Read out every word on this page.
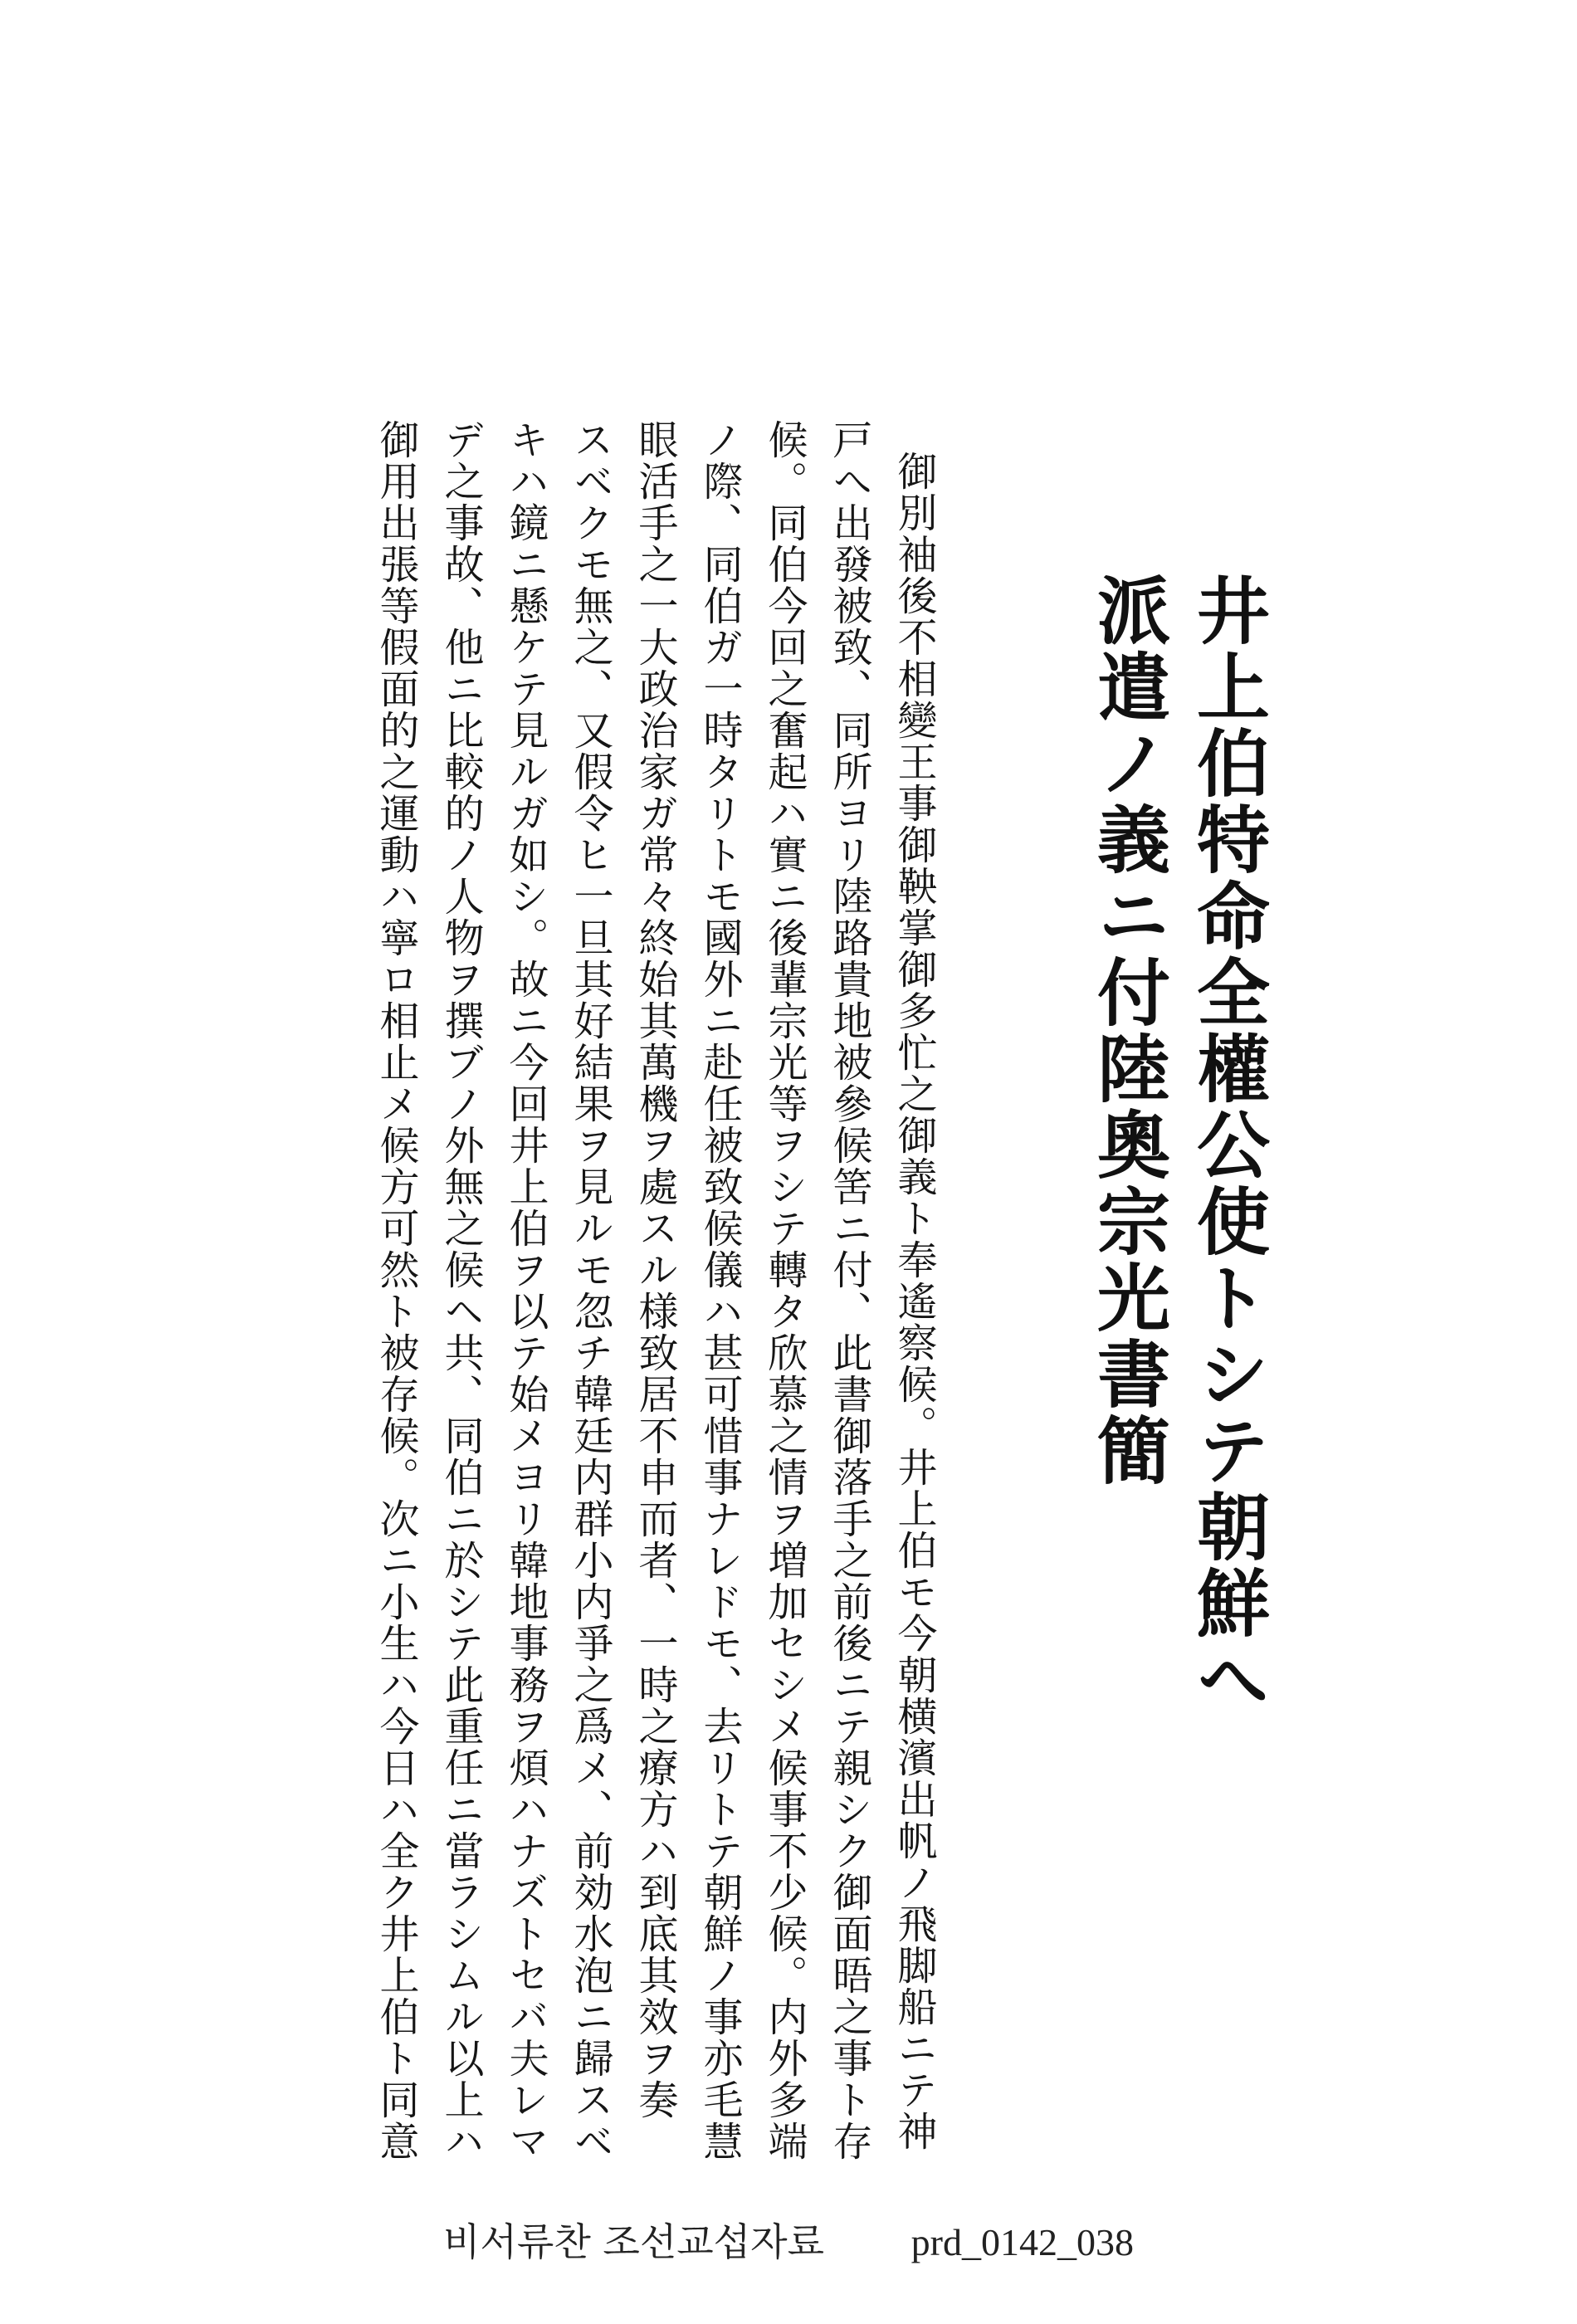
井上伯特命全權公使トシテ朝鮮へ
派遣ノ義ニ付陸奧宗光書簡
御別袖後不相變王事御鞅掌御多忙之御義ト奉遙察候。井上伯モ今朝横濱出帆ノ飛脚船ニテ神
戸へ出發被致、同所ヨリ陸路貴地被參候筈ニ付、此書御落手之前後ニテ親シク御面晤之事ト存
候。同伯今回之奮起ハ實ニ後輩宗光等ヲシテ轉タ欣慕之情ヲ増加セシメ候事不少候。内外多端
ノ際、同伯ガ一時タリトモ國外ニ赴任被致候儀ハ甚可惜事ナレドモ、去リトテ朝鮮ノ事亦毛慧
眼活手之一大政治家ガ常々終始其萬機ヲ處スル様致居不申而者、一時之療方ハ到底其效ヲ奏
スベクモ無之、又假令ヒ一旦其好結果ヲ見ルモ忽チ韓廷内群小内爭之爲メ、前効水泡ニ歸スベ
キハ鏡ニ懸ケテ見ルガ如シ。故ニ今回井上伯ヲ以テ始メヨリ韓地事務ヲ煩ハナズトセバ夫レマ
デ之事故、他ニ比較的ノ人物ヲ撰ブノ外無之候ヘ共、同伯ニ於シテ此重任ニ當ラシムル以上ハ
御用出張等假面的之運動ハ寧ロ相止メ候方可然ト被存候。次ニ小生ハ今日ハ全ク井上伯ト同意
비서류찬 조선교섭자료 prd_0142_038
